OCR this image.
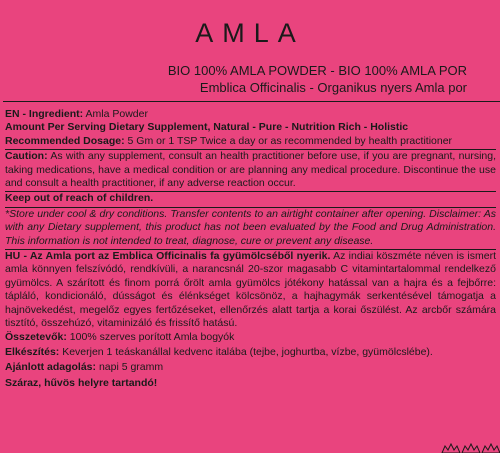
AMLA
BIO 100% AMLA POWDER - BIO 100% AMLA POR
Emblica Officinalis - Organikus nyers Amla por

EN - Ingredient: Amla Powder

Amount Per Serving Dietary Supplement, Natural - Pure - Nutrition Rich - Holistic

Recommended Dosage: 5 Gm or 1 TSP Twice a day or as recommended by health practitioner

Caution: As with any supplement, consult an health practitioner before use, if you are pregnant, nursing, taking medications, have a medical condition or are planning any medical procedure. Discontinue the use and consult a health practitioner, if any adverse reaction occur.

Keep out of reach of children.

*Store under cool & dry conditions. Transfer contents to an airtight container after opening. Disclaimer: As with any Dietary supplement, this product has not been evaluated by the Food and Drug Administration. This information is not intended to treat, diagnose, cure or prevent any disease.

HU - Az Amla port az Emblica Officinalis fa gyümölcséből nyerik. Az indiai köszméte néven is ismert amla könnyen felszívódó, rendkívüli, a narancsnál 20-szor magasabb C vitamintartalommal rendelkező gyümölcs. A szárított és finom porrá őrölt amla gyümölcs jótékony hatással van a hajra és a fejbőrre: tápláló, kondicionáló, dússágot és élénkséget kölcsönöz, a hajhagymák serkentésével támogatja a hajnövekedést, megelőz egyes fertőzéseket, ellenőrzés alatt tartja a korai őszülést. Az arcbőr számára tisztító, összehúzó, vitaminizáló és frissítő hatású.

Összetevők: 100% szerves porított Amla bogyók

Elkészítés: Keverjen 1 teáskanállal kedvenc italába (tejbe, joghurtba, vízbe, gyümölcslébe).

Ajánlott adagolás: napi 5 gramm

Száraz, hűvös helyre tartandó!
